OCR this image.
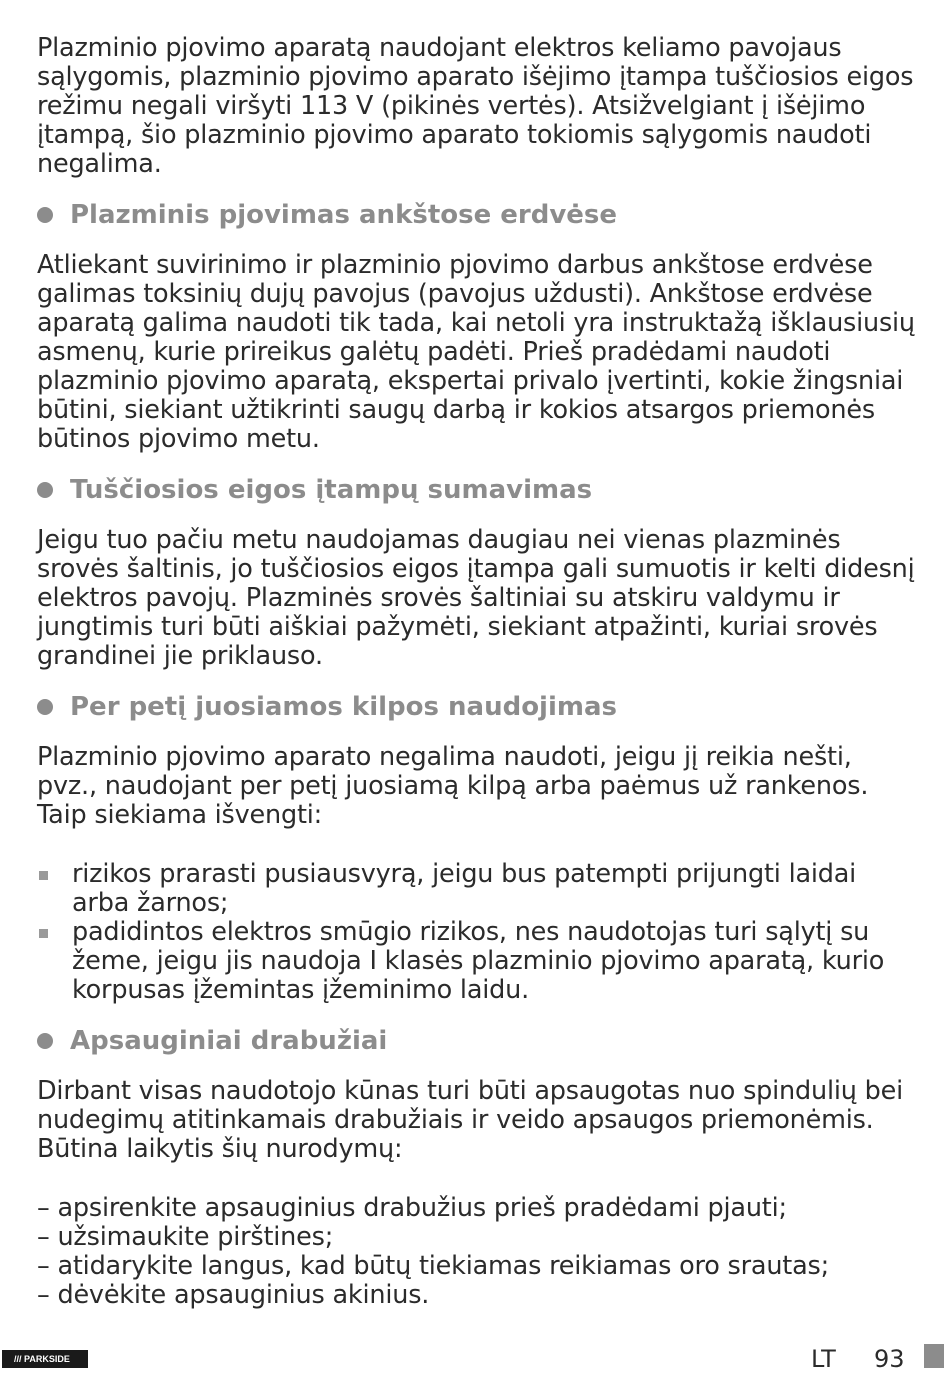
Plazminio pjovimo aparatą naudojant elektros keliamo pavojaus sąlygomis, plazminio pjovimo aparato išėjimo įtampa tuščiosios eigos režimu negali viršyti 113 V (pikinės vertės). Atsižvelgiant į išėjimo įtampą, šio plazminio pjovimo aparato tokiomis sąlygomis naudoti negalima.

Plazminis pjovimas ankštose erdvėse

Atliekant suvirinimo ir plazminio pjovimo darbus ankštose erdvėse galimas toksinių dujų pavojus (pavojus uždusti). Ankštose erdvėse aparatą galima naudoti tik tada, kai netoli yra instruktažą išklausiusių asmenų, kurie prireikus galėtų padėti. Prieš pradėdami naudoti plazminio pjovimo aparatą, ekspertai privalo įvertinti, kokie žingsniai būtini, siekiant užtikrinti saugų darbą ir kokios atsargos priemonės būtinos pjovimo metu.

Tuščiosios eigos įtampų sumavimas

Jeigu tuo pačiu metu naudojamas daugiau nei vienas plazminės srovės šaltinis, jo tuščiosios eigos įtampa gali sumuotis ir kelti didesnį elektros pavojų. Plazminės srovės šaltiniai su atskiru valdymu ir jungtimis turi būti aiškiai pažymėti, siekiant atpažinti, kuriai srovės grandinei jie priklauso.

Per petį juosiamos kilpos naudojimas

Plazminio pjovimo aparato negalima naudoti, jeigu jį reikia nešti, pvz., naudojant per petį juosiamą kilpą arba paėmus už rankenos. Taip siekiama išvengti:

rizikos prarasti pusiausvyrą, jeigu bus patempti prijungti laidai arba žarnos;
padidintos elektros smūgio rizikos, nes naudotojas turi sąlytį su žeme, jeigu jis naudoja I klasės plazminio pjovimo aparatą, kurio korpusas įžemintas įžeminimo laidu.
Apsauginiai drabužiai

Dirbant visas naudotojo kūnas turi būti apsaugotas nuo spindulių bei nudegimų atitinkamais drabužiais ir veido apsaugos priemonėmis. Būtina laikytis šių nurodymų:

– apsirenkite apsauginius drabužius prieš pradėdami pjauti;
– užsimaukite pirštines;
– atidarykite langus, kad būtų tiekiamas reikiamas oro srautas;
– dėvėkite apsauginius akinius.
/// PARKSIDE	LT 93
